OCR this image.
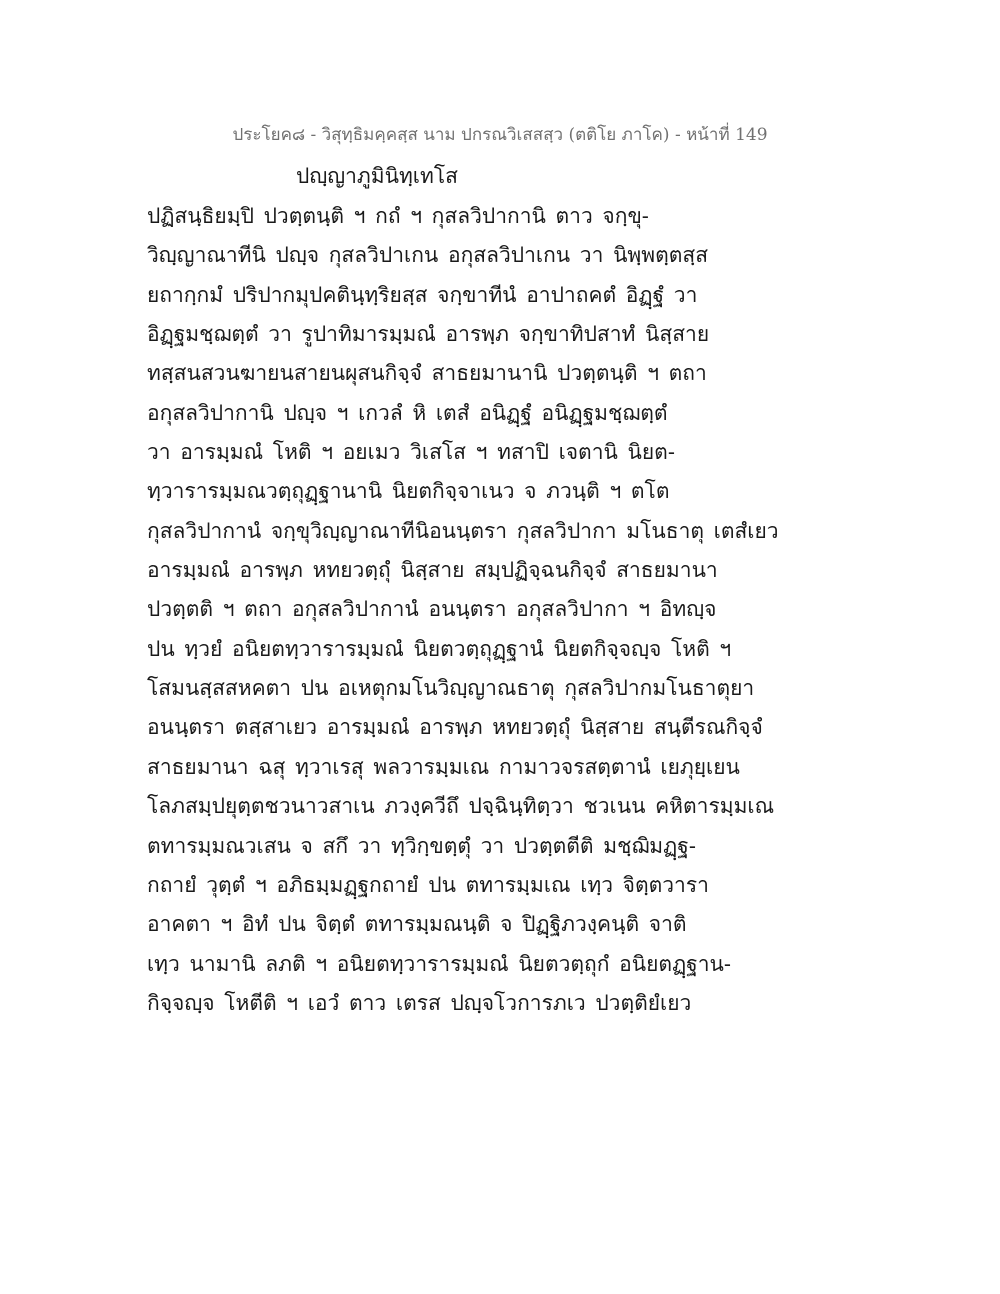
ประโยค๘ - วิสุทฺธิมคฺคสฺส นาม ปกรณวิเสสสฺว (ตติโย ภาโค) - หน้าที่ 149
ปญฺญาภูมินิทฺเทโส
ปฏิสนฺธิยมฺปิ ปวตฺตนฺติ ฯ กถํ ฯ กุสลวิปากานิ ตาว จกฺขุ-
วิญฺญาณาทีนิ ปญฺจ กุสลวิปาเกน อกุสลวิปาเกน วา นิพฺพตฺตสฺส
ยถากฺกมํ ปริปากมุปคตินฺทฺริยสฺส จกฺขาทีนํ อาปาถคตํ อิฏฺฐํ วา
อิฏฺฐมชฺฌตฺตํ วา รูปาทิมารมฺมณํ อารพฺภ จกฺขาทิปสาทํ นิสฺสาย
ทสฺสนสวนฆายนสายนผุสนกิจฺจํ สาธยมานานิ ปวตฺตนฺติ ฯ ตถา
อกุสลวิปากานิ ปญฺจ ฯ เกวลํ หิ เตสํ อนิฏฺฐํ อนิฏฺฐมชฺฌตฺตํ
วา อารมฺมณํ โหติ ฯ อยเมว วิเสโส ฯ ทสาปิ เจตานิ นิยต-
ทฺวารารมฺมณวตฺถุฏฺฐานานิ นิยตกิจฺจาเนว จ ภวนฺติ ฯ ตโต
กุสลวิปากานํ จกฺขุวิญฺญาณาทีนิอนนฺตรา กุสลวิปากา มโนธาตุ เตสํเยว
อารมฺมณํ อารพฺภ หทยวตฺถุํ นิสฺสาย สมฺปฏิจฺฉนกิจฺจํ สาธยมานา
ปวตฺตติ ฯ ตถา อกุสลวิปากานํ อนนฺตรา อกุสลวิปากา ฯ อิทญฺจ
ปน ทฺวยํ อนิยตทฺวารารมฺมณํ นิยตวตฺถุฏฺฐานํ นิยตกิจฺจญฺจ โหติ ฯ
โสมนสฺสสหคตา ปน อเหตุกมโนวิญฺญาณธาตุ กุสลวิปากมโนธาตุยา
อนนฺตรา ตสฺสาเยว อารมฺมณํ อารพฺภ หทยวตฺถุํ นิสฺสาย สนฺตีรณกิจฺจํ
สาธยมานา ฉสุ ทฺวาเรสุ พลวารมฺมเณ กามาวจรสตฺตานํ เยภุยฺเยน
โลภสมฺปยุตฺตชวนาวสาเน ภวงฺควีถึ ปจฺฉินฺทิตฺวา ชวเนน คหิตารมฺมเณ
ตทารมฺมณวเสน จ สกึ วา ทฺวิกฺขตฺตุํ วา ปวตฺตตีติ มชฺฌิมฏฺฐ-
กถายํ วุตฺตํ ฯ อภิธมฺมฏฺฐกถายํ ปน ตทารมฺมเณ เทฺว จิตฺตวารา
อาคตา ฯ อิทํ ปน จิตฺตํ ตทารมฺมณนฺติ จ ปิฏฺฐิภวงฺคนฺติ จาติ
เทฺว นามานิ ลภติ ฯ อนิยตทฺวารารมฺมณํ นิยตวตฺถุกํ อนิยตฏฺฐาน-
กิจฺจญฺจ โหตีติ ฯ เอวํ ตาว เตรส ปญฺจโวการภเว ปวตฺติยํเยว
